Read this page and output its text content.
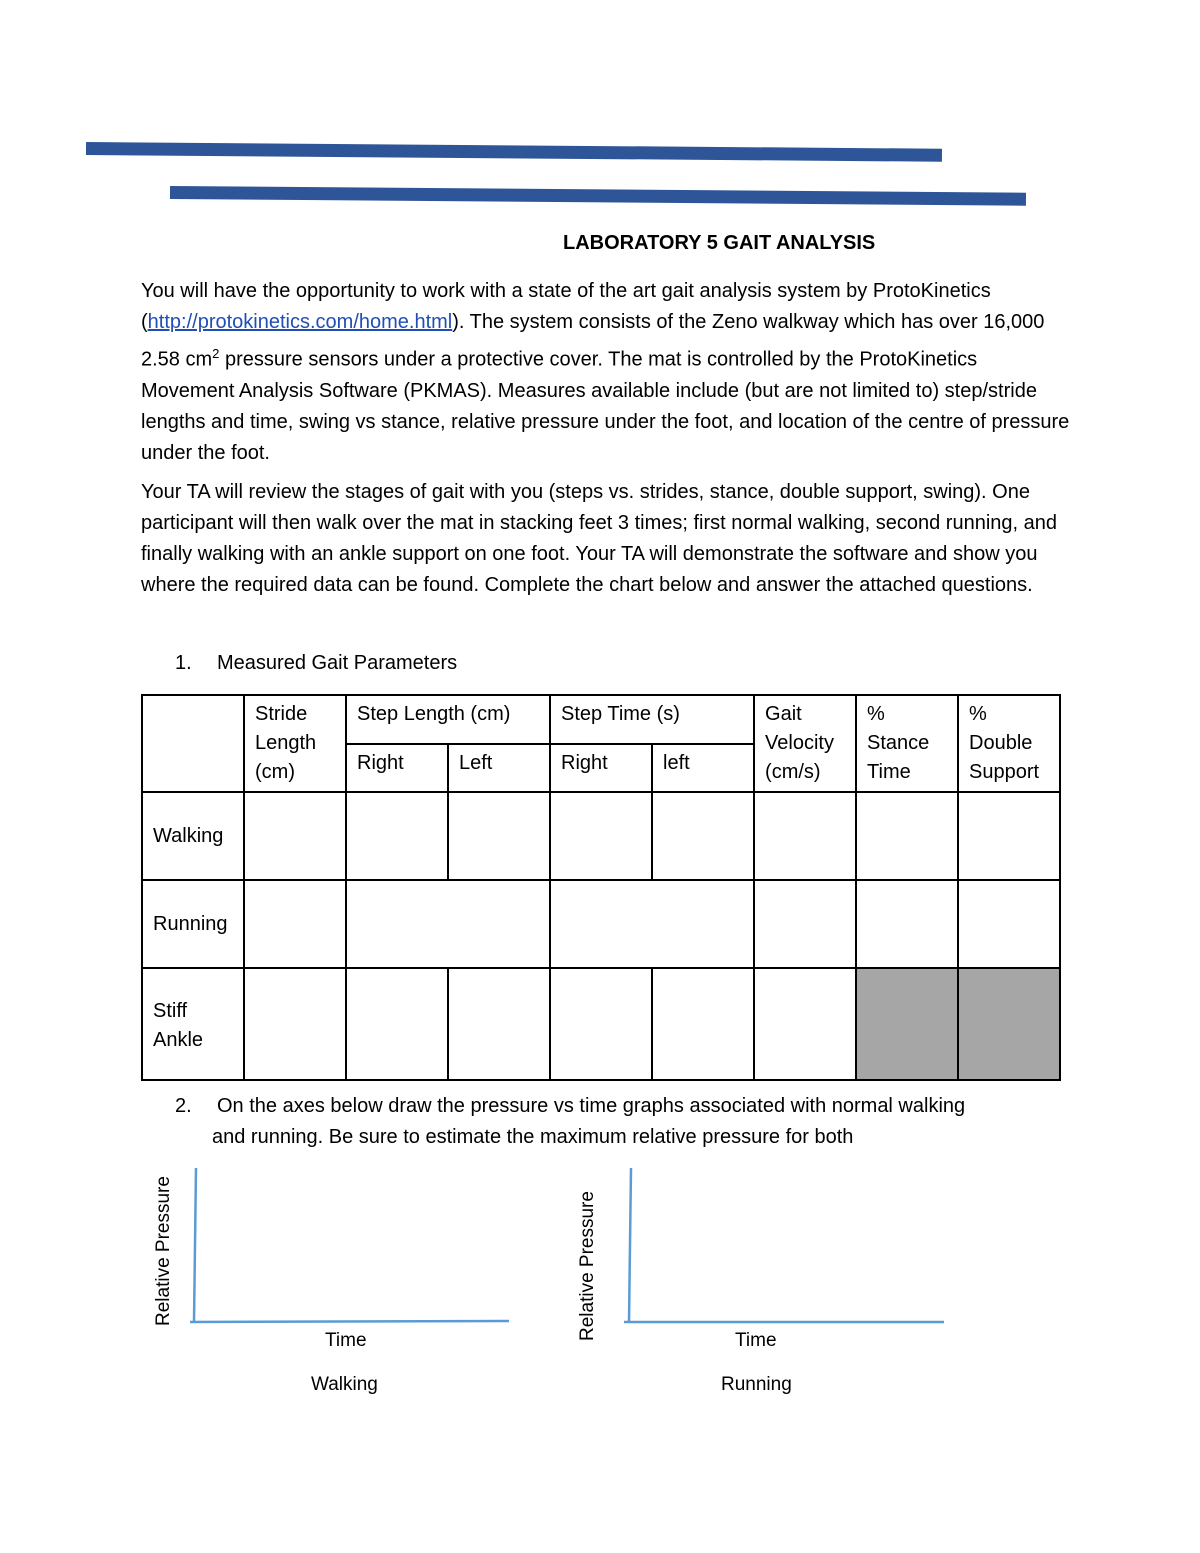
LABORATORY 5 GAIT ANALYSIS
You will have the opportunity to work with a state of the art gait analysis system by ProtoKinetics (http://protokinetics.com/home.html). The system consists of the Zeno walkway which has over 16,000 2.58 $cm^2$ pressure sensors under a protective cover. The mat is controlled by the ProtoKinetics Movement Analysis Software (PKMAS). Measures available include (but are not limited to) step/stride lengths and time, swing vs stance, relative pressure under the foot, and location of the centre of pressure under the foot.
Your TA will review the stages of gait with you (steps vs. strides, stance, double support, swing). One participant will then walk over the mat in stacking feet 3 times; first normal walking, second running, and finally walking with an ankle support on one foot. Your TA will demonstrate the software and show you where the required data can be found. Complete the chart below and answer the attached questions.
1. Measured Gait Parameters
	Stride Length (cm)	Step Length (cm)		Step Time (s)		Gait Velocity (cm/s)	% Stance Time	% Double Support
		Right	Left	Right	left			
Walking								
Running								
Stiff Ankle								
2. On the axes below draw the pressure vs time graphs associated with normal walking
and running. Be sure to estimate the maximum relative pressure for both
Relative Pressure
Time
Walking
Relative Pressure	Time
Running
